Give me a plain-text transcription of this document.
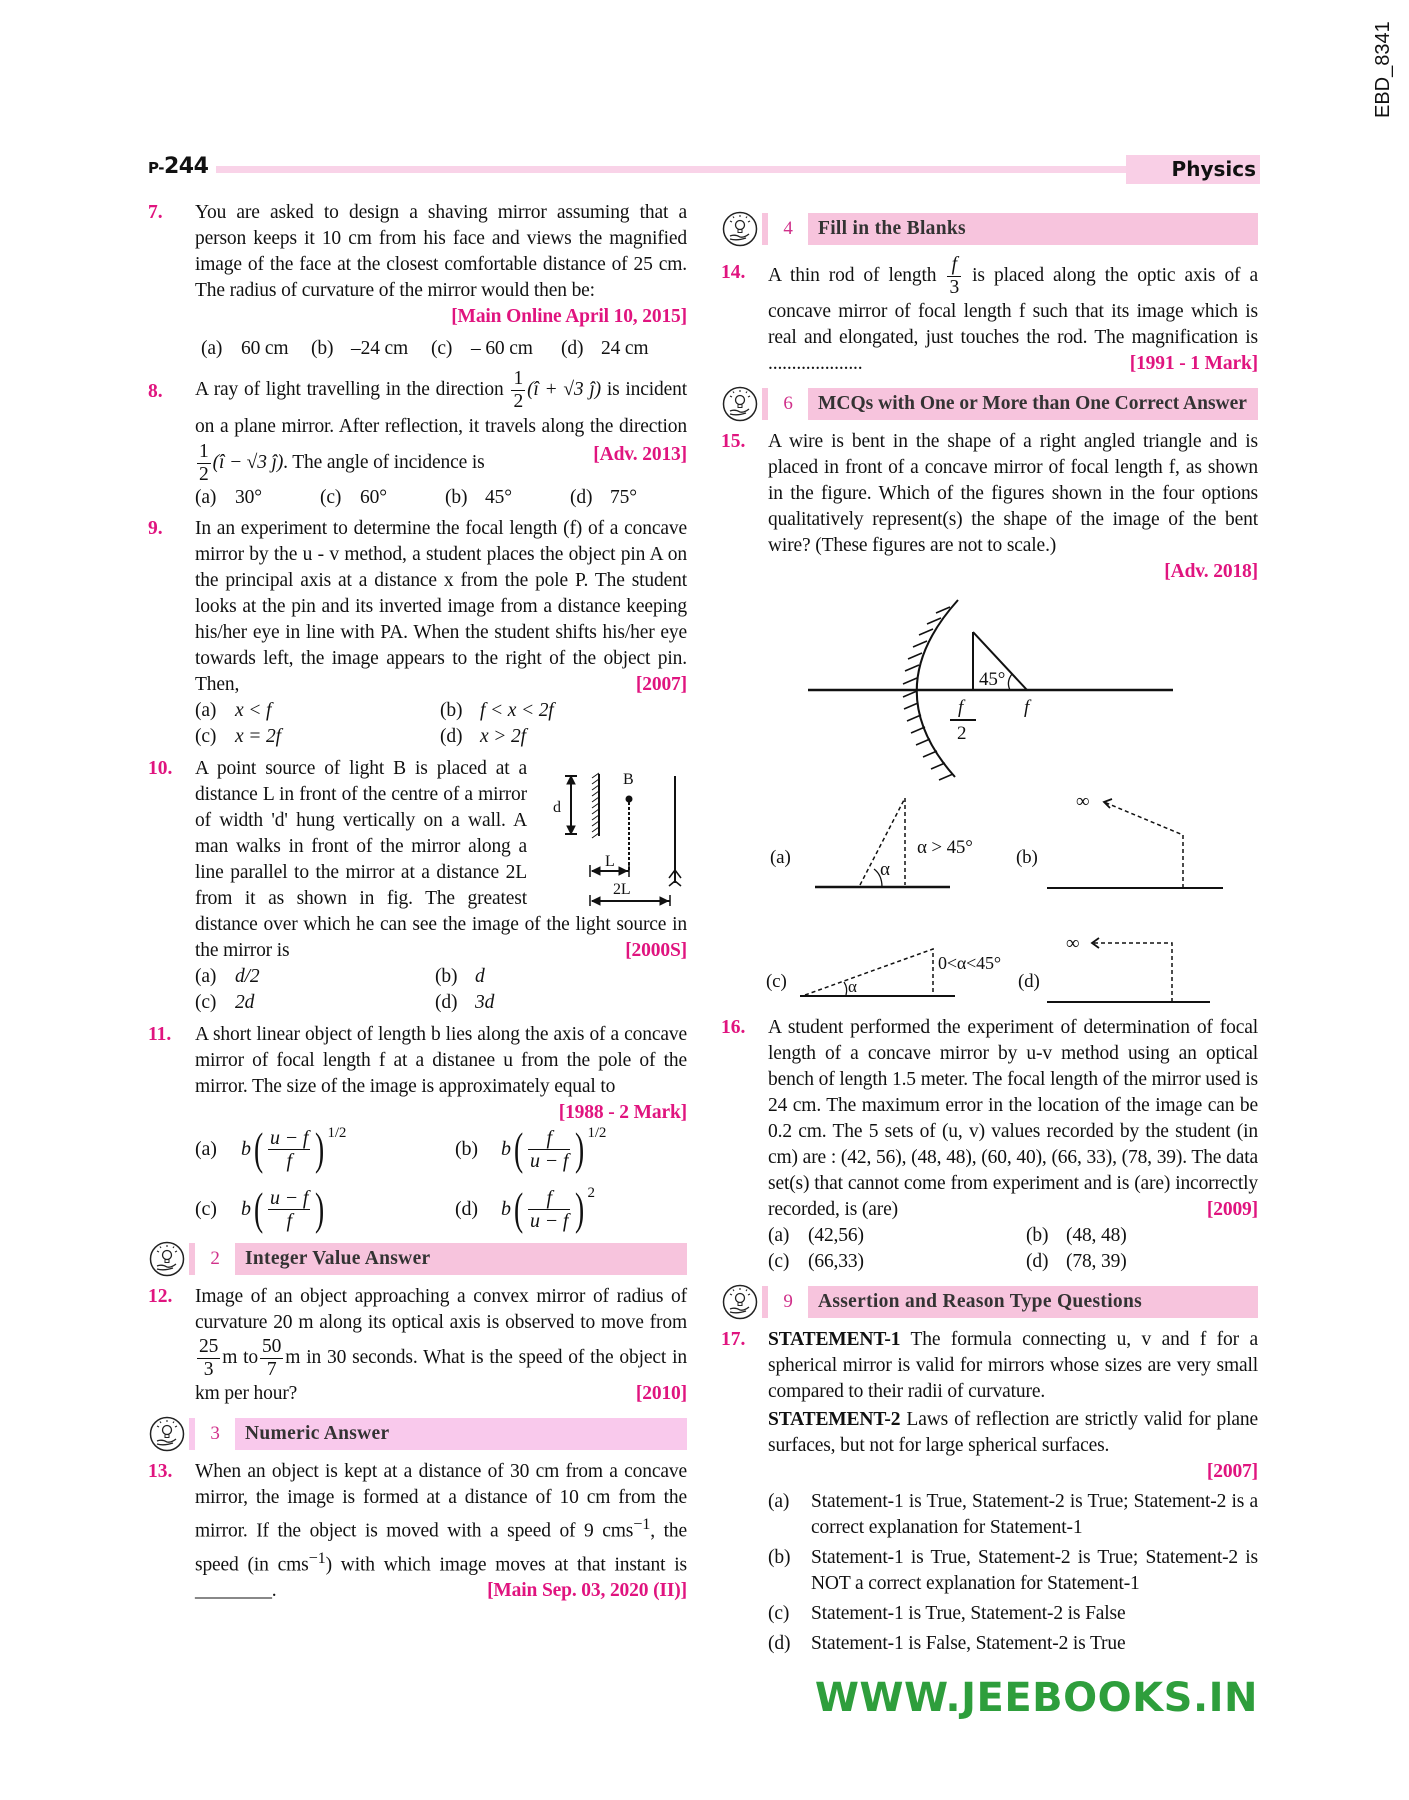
P-244	Physics
EBD_8341
7. You are asked to design a shaving mirror assuming that a person keeps it 10 cm from his face and views the magnified image of the face at the closest comfortable distance of 25 cm. The radius of curvature of the mirror would then be:
[Main Online April 10, 2015]
(a) 60 cm	(b) –24 cm	(c) – 60 cm	(d) 24 cm
8. A ray of light travelling in the direction $\frac{1}{2}$ (î + √3 ĵ) is incident on a plane mirror. After reflection, it travels along the direction
$\frac{1}{2}$ (î − √3 ĵ). The angle of incidence is	[Adv. 2013]
(a) 30°	(c) 60°	(b) 45°	(d) 75°
9. In an experiment to determine the focal length (f) of a concave mirror by the u - v method, a student places the object pin A on the principal axis at a distance x from the pole P. The student looks at the pin and its inverted image from a distance keeping his/her eye in line with PA. When the student shifts his/her eye towards left, the image appears to the right of the object pin. Then,	[2007]
(a) x < f	(b) f < x < 2f
(c) x = 2f	(d) x > 2f
10.
d
B
L
2L
A point source of light B is placed at a distance L in front of the centre of a mirror of width 'd' hung vertically on a wall. A man walks in front of the mirror along a line parallel to the mirror at a distance 2L from it as shown in fig. The greatest distance over which he can see the image of the light source in the mirror is	[2000S]
(a) d/2	(b) d
(c) 2d	(d) 3d
11. A short linear object of length b lies along the axis of a concave mirror of focal length f at a distanee u from the pole of the mirror. The size of the image is approximately equal to
[1988 - 2 Mark]
(a)	b ( $\frac{u - f}{f}$ ) 1/2
(b)	b ( $\frac{f}{u - f}$ ) 1/2
(c)	b ( $\frac{u - f}{f}$ )	(d)	b ( $\frac{f}{u - f}$ ) 2
2	Integer Value Answer
12. Image of an object approaching a convex mirror of radius of curvature 20 m along its optical axis is observed to move from
$\frac{25}{3}$ m to $\frac{50}{7}$ m in 30 seconds. What is the speed of the object in km per hour?	[2010]
3	Numeric Answer
13. When an object is kept at a distance of 30 cm from a concave mirror, the image is formed at a distance of 10 cm from the mirror. If the object is moved with a speed of 9 cms$^{-1}$, the speed (in cms$^{-1}$) with which image moves at that instant is ________.	[Main Sep. 03, 2020 (II)]
4	Fill in the Blanks
14. A thin rod of length $\frac{f}{3}$ is placed along the optic axis of a concave mirror of focal length f such that its image which is real and elongated, just touches the rod. The magnification is ....................	[1991 - 1 Mark]
6	MCQs with One or More than One Correct Answer
15. A wire is bent in the shape of a right angled triangle and is placed in front of a concave mirror of focal length f, as shown in the figure. Which of the figures shown in the four options qualitatively represent(s) the shape of the image of the bent wire? (These figures are not to scale.)
[Adv. 2018]
45°
f
2
f
(a)
α
α > 45° (b)
∞
(c)	α
0<α<45°
(d)
∞
16. A student performed the experiment of determination of focal length of a concave mirror by u-v method using an optical bench of length 1.5 meter. The focal length of the mirror used is 24 cm. The maximum error in the location of the image can be 0.2 cm. The 5 sets of (u, v) values recorded by the student (in cm) are : (42, 56), (48, 48), (60, 40), (66, 33), (78, 39). The data set(s) that cannot come from experiment and is (are) incorrectly recorded, is (are)	[2009]
(a) (42,56)	(b) (48, 48)
(c) (66,33)	(d) (78, 39)
9	Assertion and Reason Type Questions
17. STATEMENT-1 The formula connecting u, v and f for a spherical mirror is valid for mirrors whose sizes are very small compared to their radii of curvature.
STATEMENT-2 Laws of reflection are strictly valid for plane surfaces, but not for large spherical surfaces.
[2007]
(a)	Statement-1 is True, Statement-2 is True; Statement-2 is a correct explanation for Statement-1
(b)	Statement-1 is True, Statement-2 is True; Statement-2 is NOT a correct explanation for Statement-1
(c)	Statement-1 is True, Statement-2 is False
(d)	Statement-1 is False, Statement-2 is True
WWW.JEEBOOKS.IN
